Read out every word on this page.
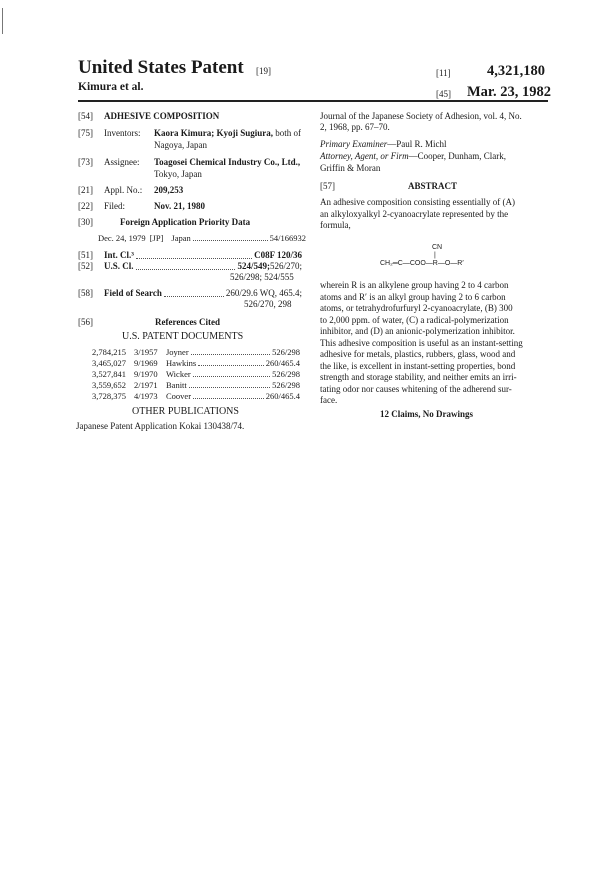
United States Patent [19]
Kimura et al.
[11]	4,321,180
[45] Mar. 23, 1982
[54] ADHESIVE COMPOSITION
[75] Inventors: Kaora Kimura; Kyoji Sugiura, both of
Nagoya, Japan
[73] Assignee: Toagosei Chemical Industry Co., Ltd.,
Tokyo, Japan
[21] Appl. No.: 209,253
[22] Filed:	Nov. 21, 1980
[30]	Foreign Application Priority Data
Dec. 24, 1979 [JP] Japan	54/166932
[51] Int. Cl.³	C08F 120/36
[52] U.S. Cl.	524/549; 526/270;
526/298; 524/555
[58] Field of Search	260/29.6 WQ, 465.4;
526/270, 298
[56]	References Cited
U.S. PATENT DOCUMENTS
2,784,215 3/1957 Joyner	526/298
3,465,027 9/1969 Hawkins	260/465.4
3,527,841 9/1970 Wicker	526/298
3,559,652 2/1971 Banitt	526/298
3,728,375 4/1973 Coover	260/465.4
OTHER PUBLICATIONS
Japanese Patent Application Kokai 130438/74.
Journal of the Japanese Society of Adhesion, vol. 4, No.
2, 1968, pp. 67–70.
Primary Examiner—Paul R. Michl
Attorney, Agent, or Firm—Cooper, Dunham, Clark,
Griffin & Moran
[57]	ABSTRACT
An adhesive composition consisting essentially of (A)
an alkyloxyalkyl 2-cyanoacrylate represented by the
formula,
CN
|
CH₂═C—COO—R—O—R′
wherein R is an alkylene group having 2 to 4 carbon
atoms and R′ is an alkyl group having 2 to 6 carbon
atoms, or tetrahydrofurfuryl 2-cyanoacrylate, (B) 300
to 2,000 ppm. of water, (C) a radical-polymerization
inhibitor, and (D) an anionic-polymerization inhibitor.
This adhesive composition is useful as an instant-setting
adhesive for metals, plastics, rubbers, glass, wood and
the like, is excellent in instant-setting properties, bond
strength and storage stability, and neither emits an irri-
tating odor nor causes whitening of the adherend sur-
face.
12 Claims, No Drawings
